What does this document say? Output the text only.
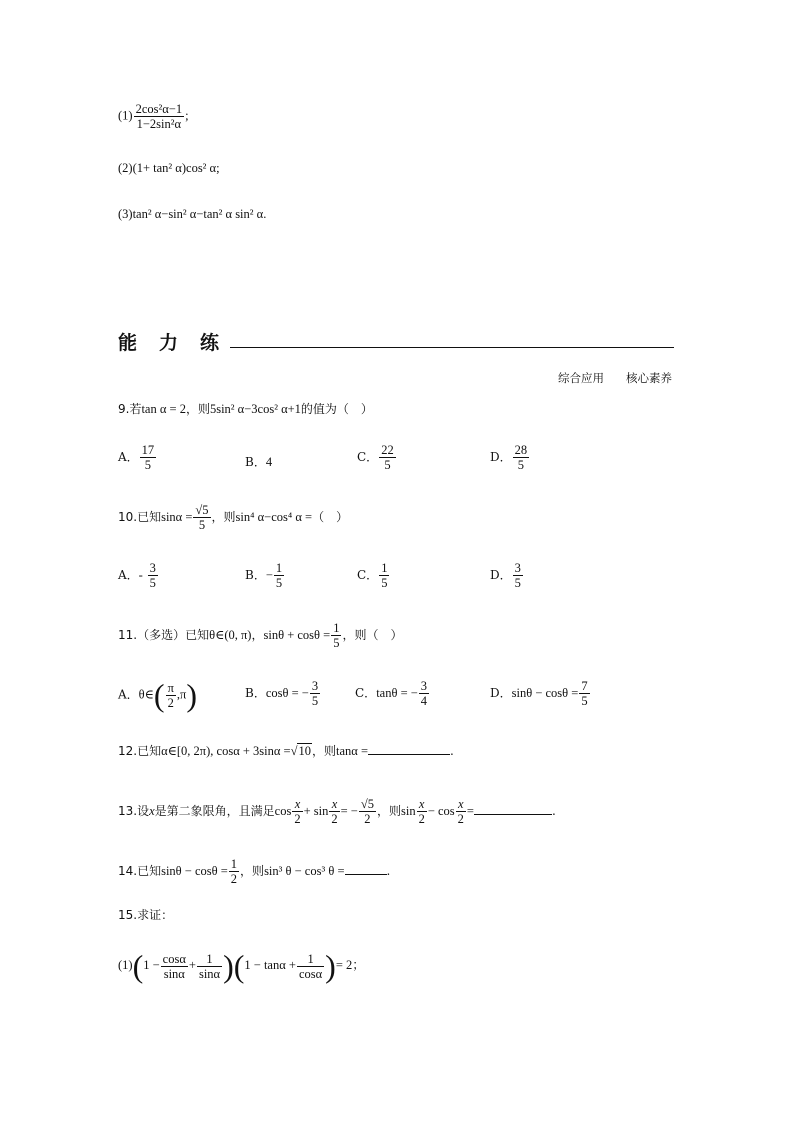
$(1) \frac{\text{2cos²α−1}}{\text{1−2sin²α}}$ ;
(2)(1+ tan² α)cos² α;
(3)tan² α−sin² α−tan² α sin² α.
能力练
综合应用 核心素养
9.若tan α = 2，则5sin² α−3cos² α+1的值为（　）
A． $\frac{17}{5}$	B．4	C． $\frac{22}{5}$	D． $\frac{28}{5}$
10.已知$\sin\alpha = \frac{√5}{5}$ ，则sin⁴ α−cos⁴ α =（　）
A．- $\frac{3}{5}$	B．− $\frac{1}{5}$	C． $\frac{1}{5}$	D． $\frac{3}{5}$
11.（多选）已知θ∈(0, π)，$\sin\theta + \cos\theta = \frac{1}{5}$ ，则（　）
A．θ∈( $\frac{\pi}{2} ,\pi$)	B．cosθ = − $\frac{3}{5}$	C．tanθ = − $\frac{3}{4}$	D．$\sin\theta - \cos\theta = \frac{7}{5}$
12.已知α∈[0, 2π), cosα + 3sinα =√10，则tanα =	.
13.设x是第二象限角，且满足$\cos \frac{x}{2} + \sin \frac{x}{2}$ = − $\frac{√5}{2}$ ，则$\sin \frac{x}{2} - \cos \frac{x}{2}$ =	.
14.已知$\sin\theta - \cos\theta = \frac{1}{2}$ ，则sin³ θ − cos³ θ =	.
15.求证：
$(1)(1 - \frac{\cos\alpha}{\sin\alpha} + \frac{1}{\sin\alpha} )(1 - \tan\alpha + \frac{1}{\cos\alpha}$ )= 2；
